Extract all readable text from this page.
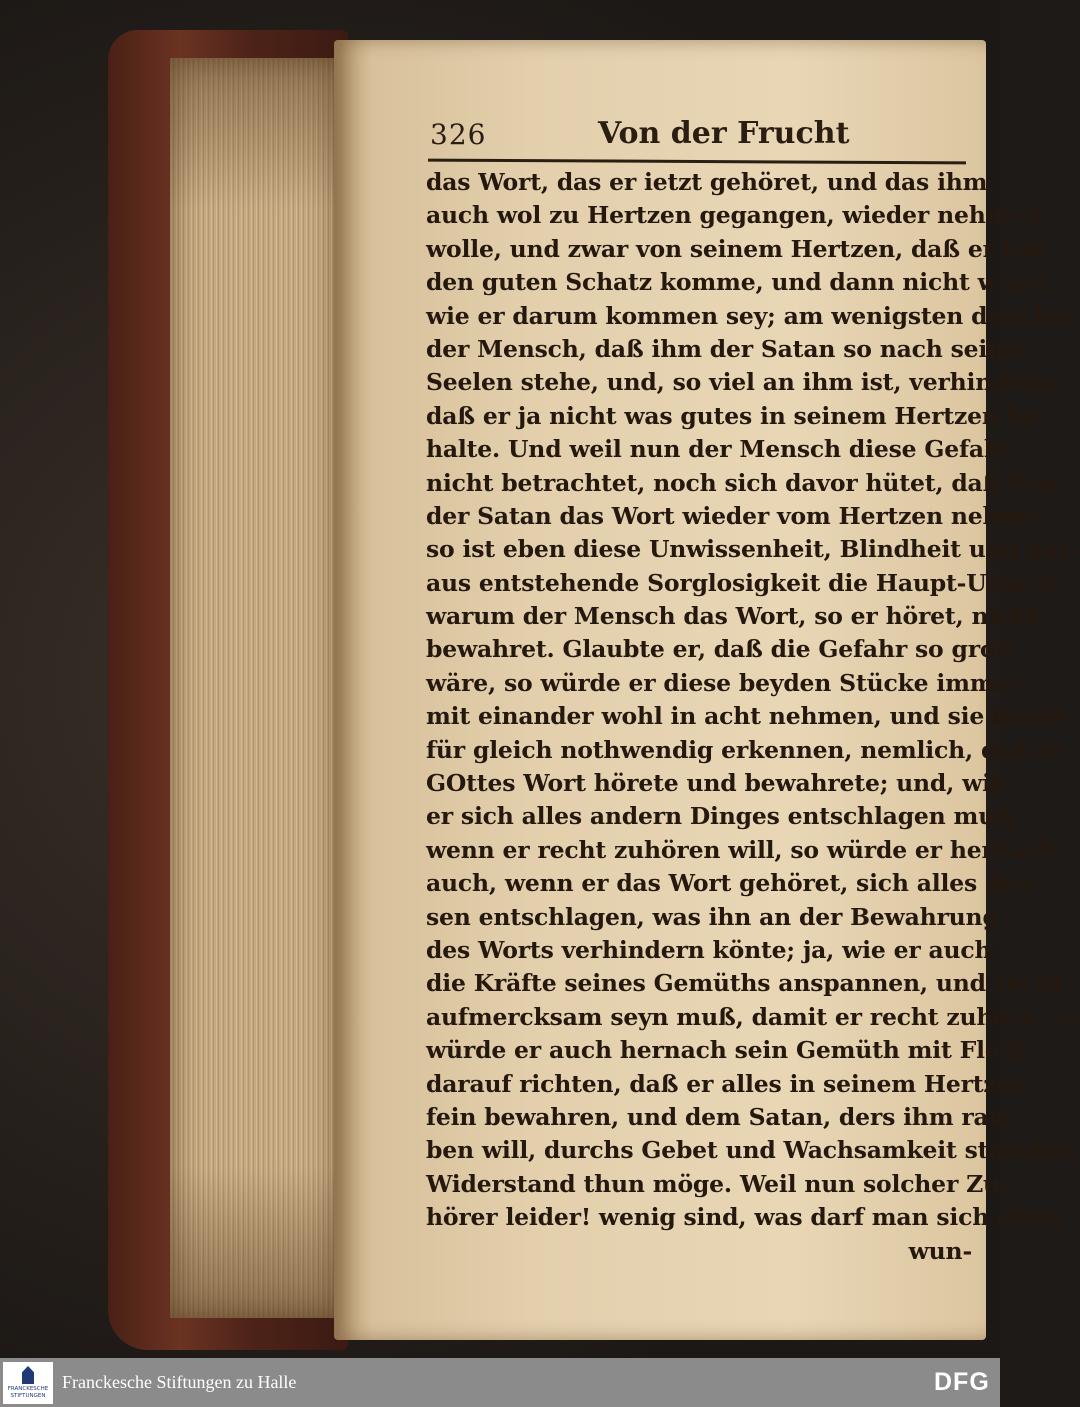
326	Von der Frucht
das Wort, das er ietzt gehöret, und das ihm
auch wol zu Hertzen gegangen, wieder nehmen
wolle, und zwar von seinem Hertzen, daß er um
den guten Schatz komme, und dann nicht wisse,
wie er darum kommen sey; am wenigsten dencket
der Mensch, daß ihm der Satan so nach seiner
Seelen stehe, und, so viel an ihm ist, verhindere,
daß er ja nicht was gutes in seinem Hertzen be-
halte. Und weil nun der Mensch diese Gefahr
nicht betrachtet, noch sich davor hütet, daß ihm
der Satan das Wort wieder vom Hertzen nehme,
so ist eben diese Unwissenheit, Blindheit und dar-
aus entstehende Sorglosigkeit die Haupt-Ursach,
warum der Mensch das Wort, so er höret, nicht
bewahret. Glaubte er, daß die Gefahr so groß
wäre, so würde er diese beyden Stücke immer
mit einander wohl in acht nehmen, und sie beyde
für gleich nothwendig erkennen, nemlich, daß er
GOttes Wort hörete und bewahrete; und, wie
er sich alles andern Dinges entschlagen muß,
wenn er recht zuhören will, so würde er hernach
auch, wenn er das Wort gehöret, sich alles des-
sen entschlagen, was ihn an der Bewahrung
des Worts verhindern könte; ja, wie er auch
die Kräfte seines Gemüths anspannen, und recht
aufmercksam seyn muß, damit er recht zuhöre, so
würde er auch hernach sein Gemüth mit Fleiß
darauf richten, daß er alles in seinem Hertzen
fein bewahren, und dem Satan, ders ihm rau-
ben will, durchs Gebet und Wachsamkeit starcken
Widerstand thun möge. Weil nun solcher Zu-
hörer leider! wenig sind, was darf man sich denn
wun-
FRANCKESCHE
STIFTUNGEN
Franckesche Stiftungen zu Halle	DFG
